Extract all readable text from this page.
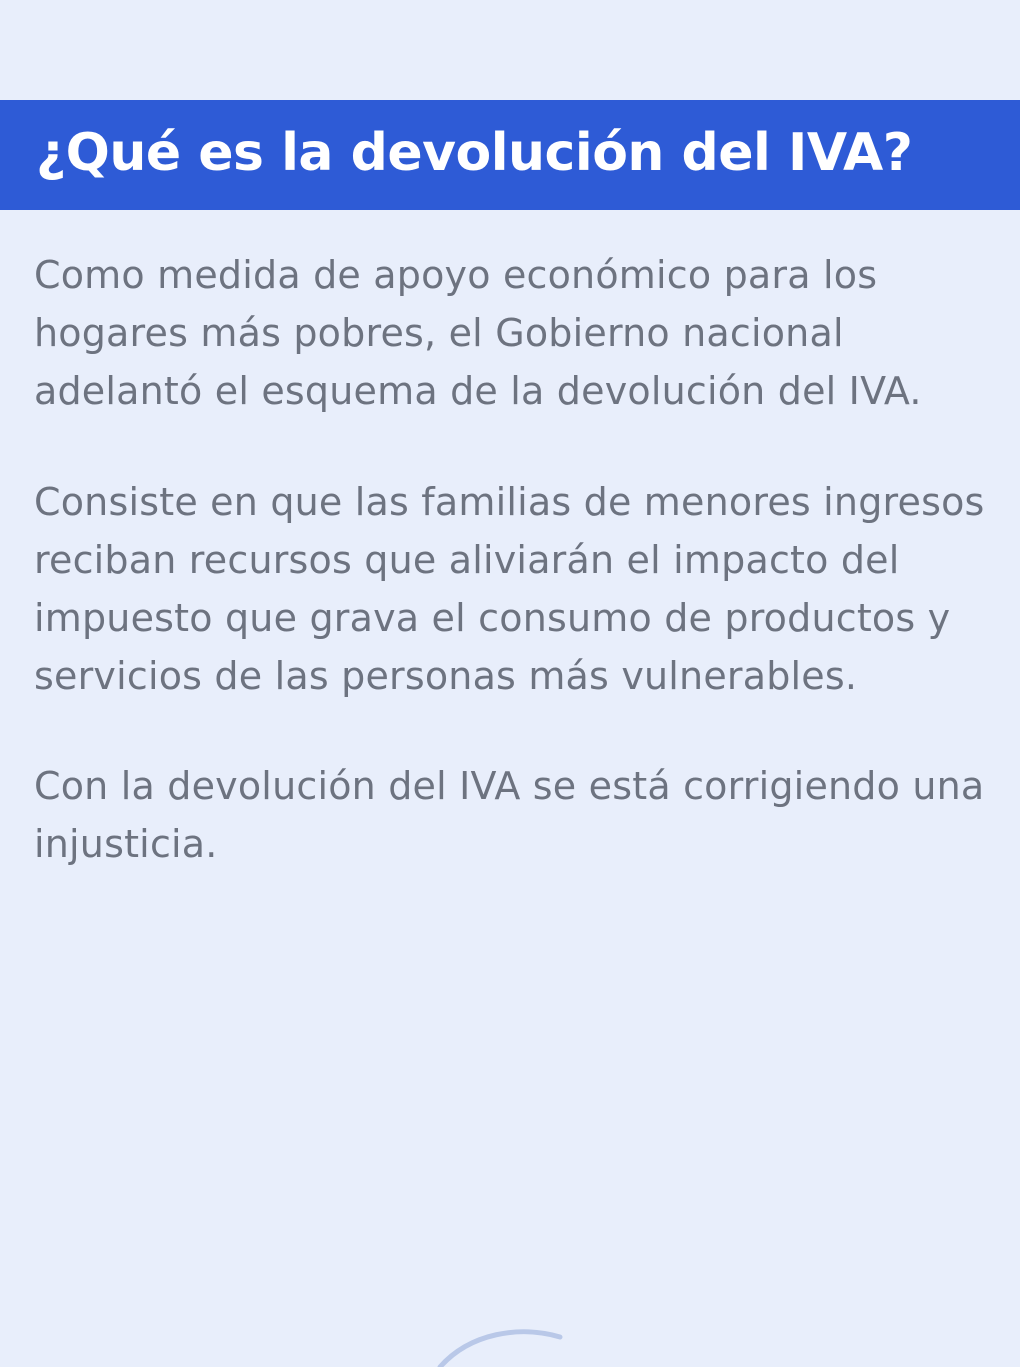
¿Qué es la devolución del IVA?

Como medida de apoyo económico para los hogares más pobres, el Gobierno nacional adelantó el esquema de la devolución del IVA.

Consiste en que las familias de menores ingresos reciban recursos que aliviarán el impacto del impuesto que grava el consumo de productos y servicios de las personas más vulnerables.

Con la devolución del IVA se está corrigiendo una injusticia.
